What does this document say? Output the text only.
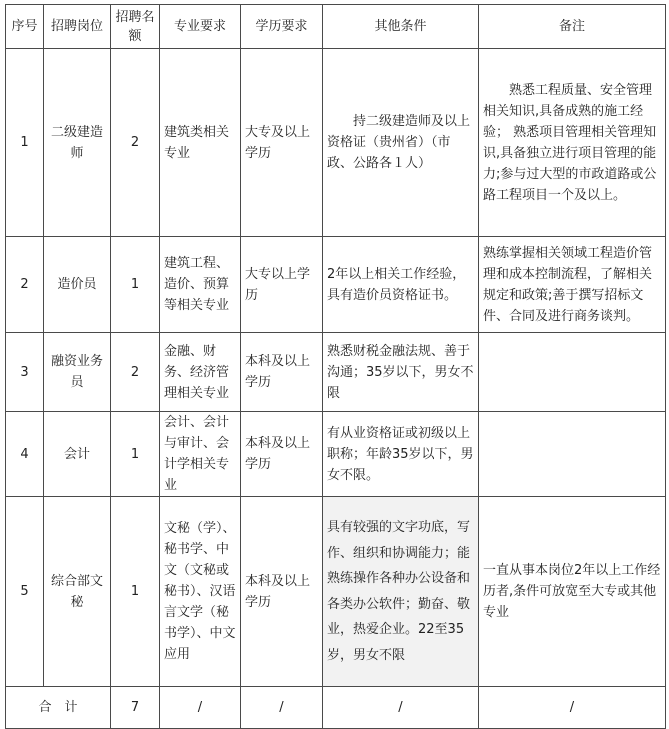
序号	招聘岗位	招聘名额	专业要求	学历要求	其他条件	备注
1	二级建造师	2	建筑类相关专业	大专及以上学历	　　持二级建造师及以上资格证（贵州省）（市政、公路各１人）	　　熟悉工程质量、安全管理相关知识,具备成熟的施工经验； 熟悉项目管理相关管理知识,具备独立进行项目管理的能力;参与过大型的市政道路或公路工程项目一个及以上。
2	造价员	1	建筑工程、造价、预算等相关专业	大专以上学历	2年以上相关工作经验，具有造价员资格证书。	熟练掌握相关领域工程造价管理和成本控制流程，了解相关规定和政策;善于撰写招标文件、合同及进行商务谈判。
3	融资业务员	2	金融、财务、经济管理相关专业	本科及以上学历	熟悉财税金融法规、善于沟通；35岁以下，男女不限	
4	会计	1	会计、会计与审计、会计学相关专业	本科及以上学历	有从业资格证或初级以上职称；年龄35岁以下，男女不限。	
5	综合部文秘	1	文秘（学）、秘书学、中文（文秘或秘书）、汉语言文学（秘书学）、中文应用	本科及以上学历	具有较强的文字功底，写作、组织和协调能力；能熟练操作各种办公设备和各类办公软件；勤奋、敬业，热爱企业。22至35岁，男女不限	一直从事本岗位2年以上工作经历者,条件可放宽至大专或其他专业
合　计		7	/	/	/	/
